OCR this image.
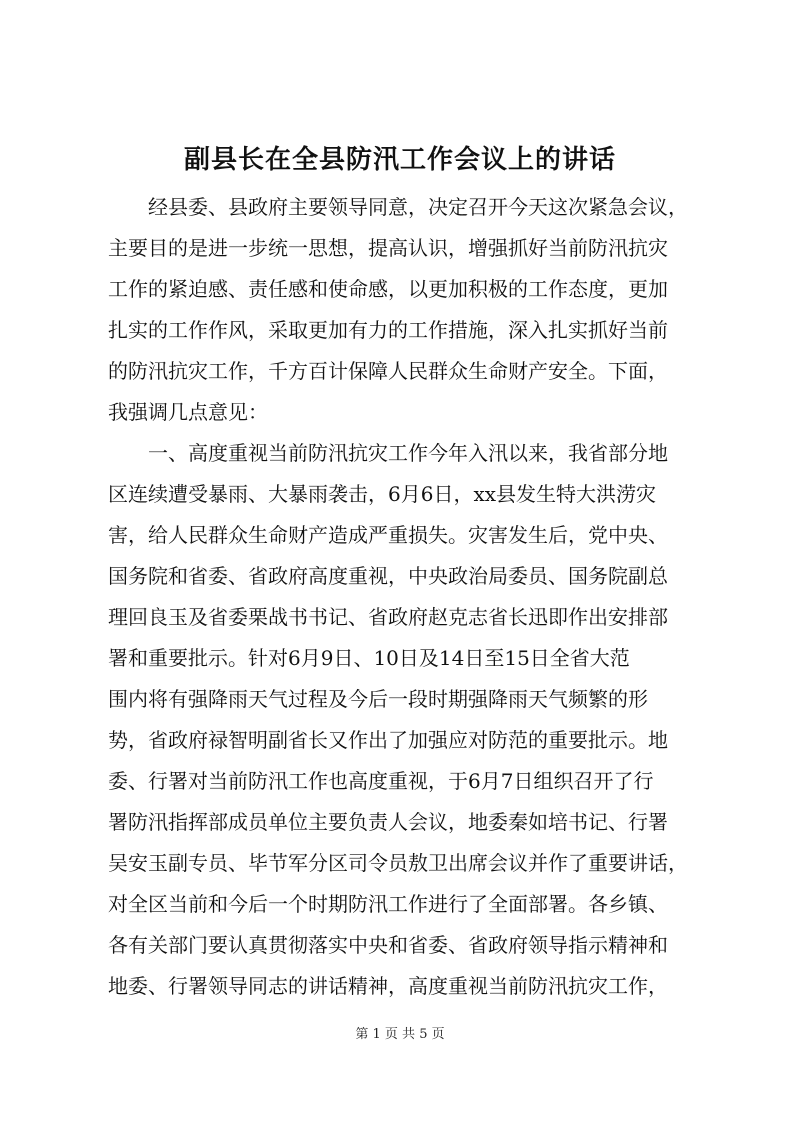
副县长在全县防汛工作会议上的讲话
经县委、县政府主要领导同意，决定召开今天这次紧急会议，
主要目的是进一步统一思想，提高认识，增强抓好当前防汛抗灾
工作的紧迫感、责任感和使命感，以更加积极的工作态度，更加
扎实的工作作风，采取更加有力的工作措施，深入扎实抓好当前
的防汛抗灾工作，千方百计保障人民群众生命财产安全。下面，
我强调几点意见：
一、高度重视当前防汛抗灾工作今年入汛以来，我省部分地
区连续遭受暴雨、大暴雨袭击，6月6日，xx县发生特大洪涝灾
害，给人民群众生命财产造成严重损失。灾害发生后，党中央、
国务院和省委、省政府高度重视，中央政治局委员、国务院副总
理回良玉及省委栗战书书记、省政府赵克志省长迅即作出安排部
署和重要批示。针对6月9日、10日及14日至15日全省大范
围内将有强降雨天气过程及今后一段时期强降雨天气频繁的形
势，省政府禄智明副省长又作出了加强应对防范的重要批示。地
委、行署对当前防汛工作也高度重视，于6月7日组织召开了行
署防汛指挥部成员单位主要负责人会议，地委秦如培书记、行署
吴安玉副专员、毕节军分区司令员敖卫出席会议并作了重要讲话，
对全区当前和今后一个时期防汛工作进行了全面部署。各乡镇、
各有关部门要认真贯彻落实中央和省委、省政府领导指示精神和
地委、行署领导同志的讲话精神，高度重视当前防汛抗灾工作，
第 1 页 共 5 页
